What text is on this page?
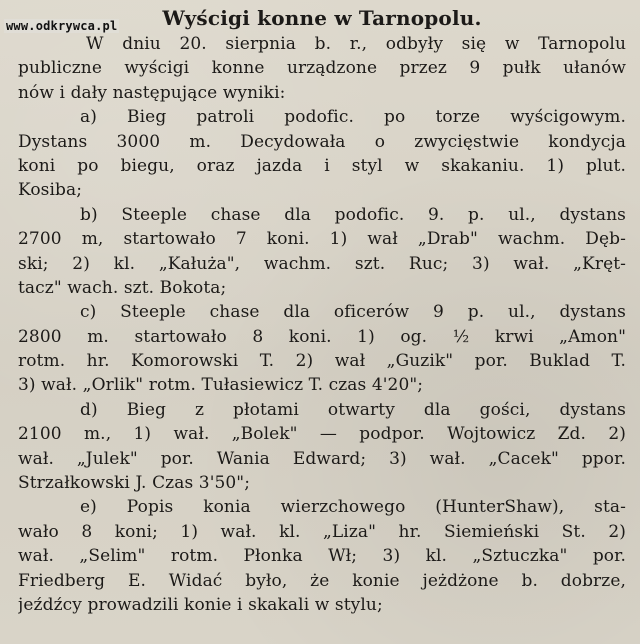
www.odkrywca.pl	Wyścigi konne w Tarnopolu.
W dniu 20. sierpnia b. r., odbyły się w Tarnopolu
publiczne wyścigi konne urządzone przez 9 pułk ułanów
nów i dały następujące wyniki:
a) Bieg patroli podofic. po torze wyścigowym.
Dystans 3000 m. Decydowała o zwycięstwie kondycja
koni po biegu, oraz jazda i styl w skakaniu. 1) plut.
Kosiba;
b) Steeple chase dla podofic. 9. p. ul., dystans
2700 m, startowało 7 koni. 1) wał „Drab" wachm. Dęb-
ski; 2) kl. „Kałuża", wachm. szt. Ruc; 3) wał. „Kręt-
tacz" wach. szt. Bokota;
c) Steeple chase dla oficerów 9 p. ul., dystans
2800 m. startowało 8 koni. 1) og. ½ krwi „Amon"
rotm. hr. Komorowski T. 2) wał „Guzik" por. Buklad T.
3) wał. „Orlik" rotm. Tułasiewicz T. czas 4'20";
d) Bieg z płotami otwarty dla gości, dystans
2100 m., 1) wał. „Bolek" — podpor. Wojtowicz Zd. 2)
wał. „Julek" por. Wania Edward; 3) wał. „Cacek" ppor.
Strzałkowski J. Czas 3'50";
e) Popis konia wierzchowego (HunterShaw), sta-
wało 8 koni; 1) wał. kl. „Liza" hr. Siemieński St. 2)
wał. „Selim" rotm. Płonka Wł; 3) kl. „Sztuczka" por.
Friedberg E. Widać było, że konie jeżdżone b. dobrze,
jeźdźcy prowadzili konie i skakali w stylu;
